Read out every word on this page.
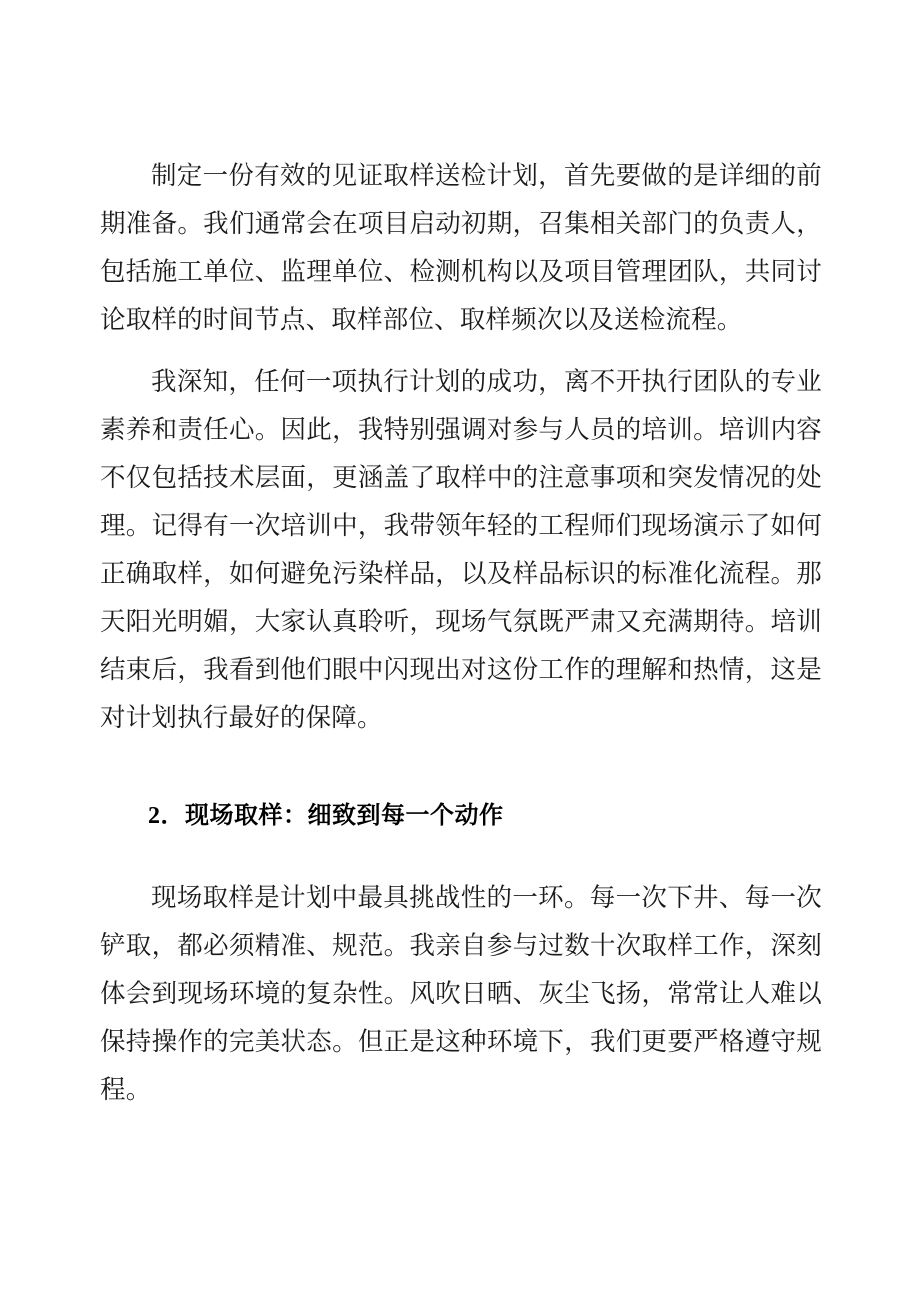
制定一份有效的见证取样送检计划，首先要做的是详细的前期准备。我们通常会在项目启动初期，召集相关部门的负责人，包括施工单位、监理单位、检测机构以及项目管理团队，共同讨论取样的时间节点、取样部位、取样频次以及送检流程。

我深知，任何一项执行计划的成功，离不开执行团队的专业素养和责任心。因此，我特别强调对参与人员的培训。培训内容不仅包括技术层面，更涵盖了取样中的注意事项和突发情况的处理。记得有一次培训中，我带领年轻的工程师们现场演示了如何正确取样，如何避免污染样品，以及样品标识的标准化流程。那天阳光明媚，大家认真聆听，现场气氛既严肃又充满期待。培训结束后，我看到他们眼中闪现出对这份工作的理解和热情，这是对计划执行最好的保障。

2．现场取样：细致到每一个动作

现场取样是计划中最具挑战性的一环。每一次下井、每一次铲取，都必须精准、规范。我亲自参与过数十次取样工作，深刻体会到现场环境的复杂性。风吹日晒、灰尘飞扬，常常让人难以保持操作的完美状态。但正是这种环境下，我们更要严格遵守规程。
